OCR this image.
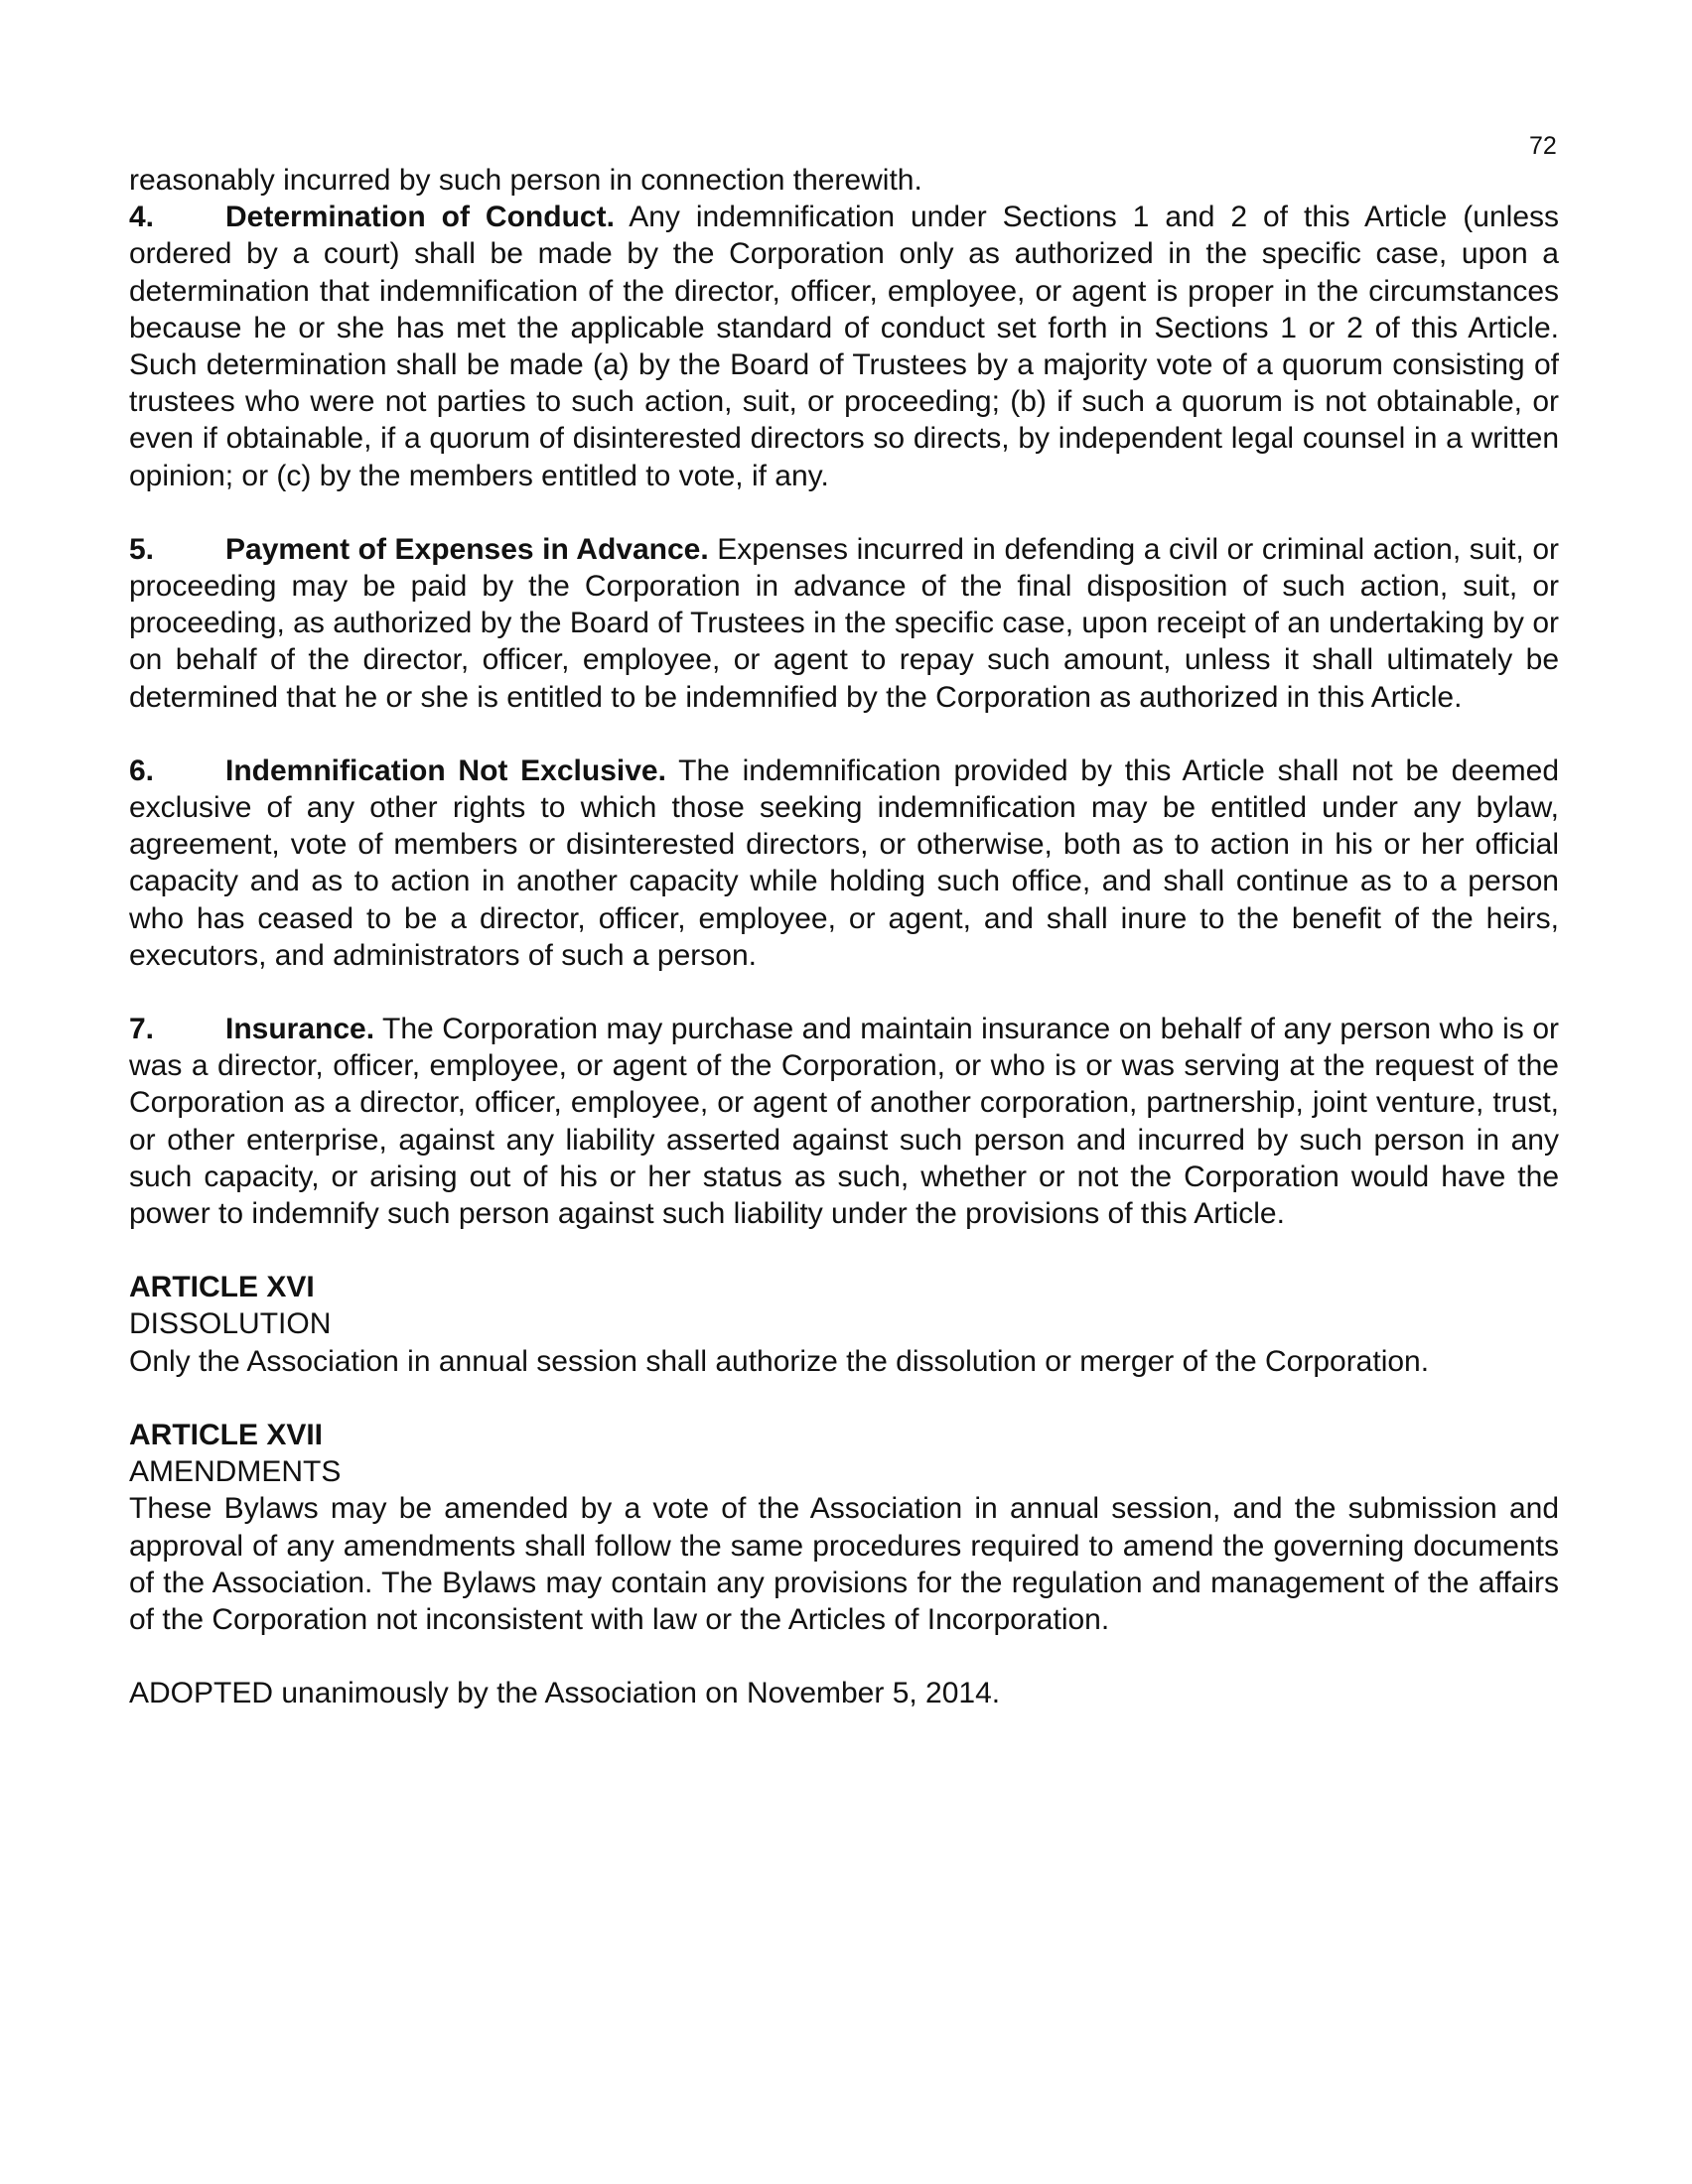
72

reasonably incurred by such person in connection therewith.

4. Determination of Conduct. Any indemnification under Sections 1 and 2 of this Article (unless ordered by a court) shall be made by the Corporation only as authorized in the specific case, upon a determination that indemnification of the director, officer, employee, or agent is proper in the circumstances because he or she has met the applicable standard of conduct set forth in Sections 1 or 2 of this Article. Such determination shall be made (a) by the Board of Trustees by a majority vote of a quorum consisting of trustees who were not parties to such action, suit, or proceeding; (b) if such a quorum is not obtainable, or even if obtainable, if a quorum of disinterested directors so directs, by independent legal counsel in a written opinion; or (c) by the members entitled to vote, if any.

5. Payment of Expenses in Advance. Expenses incurred in defending a civil or criminal action, suit, or proceeding may be paid by the Corporation in advance of the final disposition of such action, suit, or proceeding, as authorized by the Board of Trustees in the specific case, upon receipt of an undertaking by or on behalf of the director, officer, employee, or agent to repay such amount, unless it shall ultimately be determined that he or she is entitled to be indemnified by the Corporation as authorized in this Article.

6. Indemnification Not Exclusive. The indemnification provided by this Article shall not be deemed exclusive of any other rights to which those seeking indemnification may be entitled under any bylaw, agreement, vote of members or disinterested directors, or otherwise, both as to action in his or her official capacity and as to action in another capacity while holding such office, and shall continue as to a person who has ceased to be a director, officer, employee, or agent, and shall inure to the benefit of the heirs, executors, and administrators of such a person.

7. Insurance. The Corporation may purchase and maintain insurance on behalf of any person who is or was a director, officer, employee, or agent of the Corporation, or who is or was serving at the request of the Corporation as a director, officer, employee, or agent of another corporation, partnership, joint venture, trust, or other enterprise, against any liability asserted against such person and incurred by such person in any such capacity, or arising out of his or her status as such, whether or not the Corporation would have the power to indemnify such person against such liability under the provisions of this Article.

ARTICLE XVI

DISSOLUTION

Only the Association in annual session shall authorize the dissolution or merger of the Corporation.

ARTICLE XVII

AMENDMENTS

These Bylaws may be amended by a vote of the Association in annual session, and the submission and approval of any amendments shall follow the same procedures required to amend the governing documents of the Association. The Bylaws may contain any provisions for the regulation and management of the affairs of the Corporation not inconsistent with law or the Articles of Incorporation.

ADOPTED unanimously by the Association on November 5, 2014.
